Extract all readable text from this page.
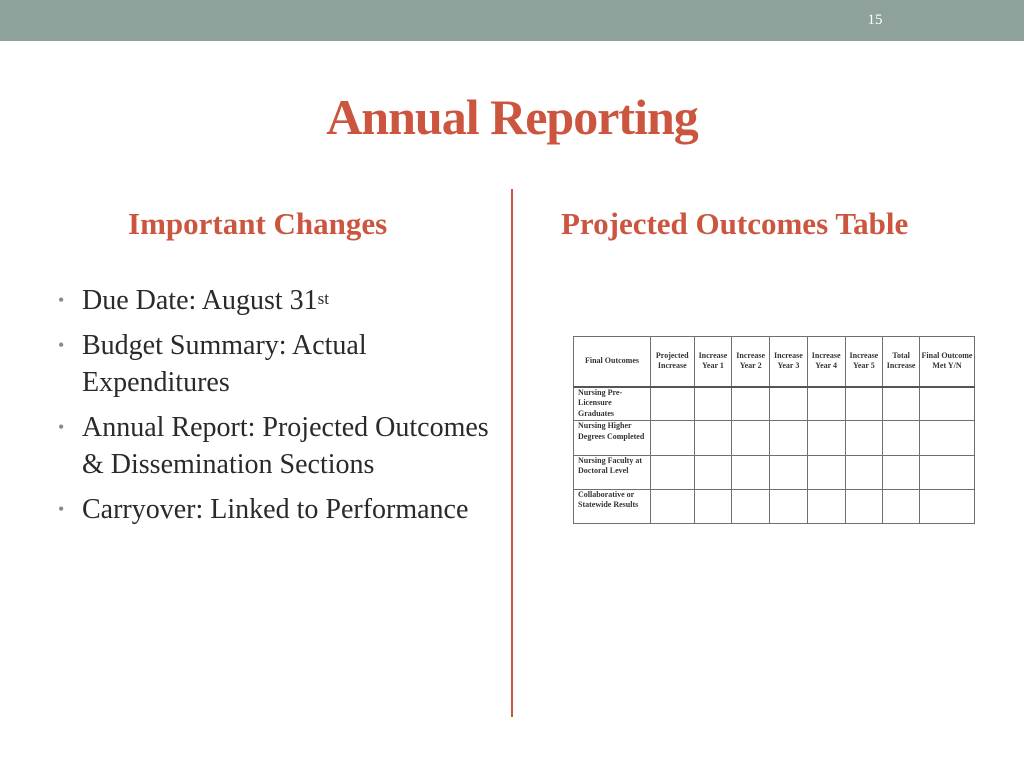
15
Annual Reporting
Important Changes	Projected Outcomes Table
• Due Date: August 31st
• Budget Summary: Actual Expenditures
• Annual Report: Projected Outcomes & Dissemination Sections
• Carryover: Linked to Performance
Final Outcomes	Projected Increase	Increase Year 1	Increase Year 2	Increase Year 3	Increase Year 4	Increase Year 5	Total Increase	Final Outcome Met Y/N
Nursing Pre-Licensure Graduates								
Nursing Higher Degrees Completed								
Nursing Faculty at Doctoral Level								
Collaborative or Statewide Results								
